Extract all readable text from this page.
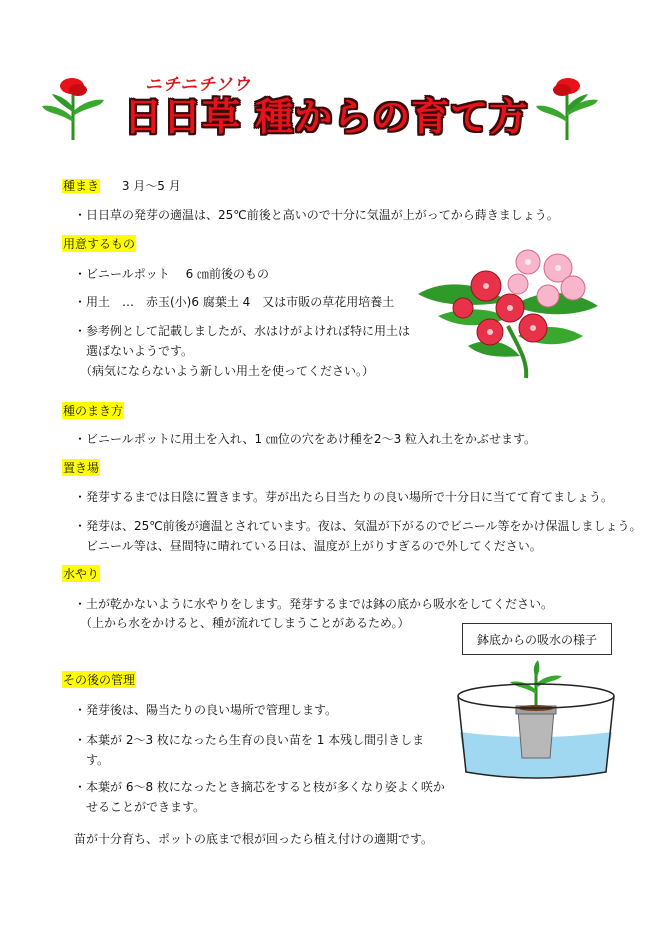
ニチニチソウ
日日草 種からの育て方
種まき 3 月～5 月
・日日草の発芽の適温は、25℃前後と高いので十分に気温が上がってから蒔きましょう。
用意するもの
・ビニールポット　 6 ㎝前後のもの
・用土　…　赤玉(小)6 腐葉土 4　又は市販の草花用培養土
・参考例として記載しましたが、水はけがよければ特に用土は
選ばないようです。
（病気にならないよう新しい用土を使ってください。）
種のまき方
・ビニールポットに用土を入れ、1 ㎝位の穴をあけ種を2～3 粒入れ土をかぶせます。
置き場
・発芽するまでは日陰に置きます。芽が出たら日当たりの良い場所で十分日に当てて育てましょう。
・発芽は、25℃前後が適温とされています。夜は、気温が下がるのでビニール等をかけ保温しましょう。
ビニール等は、昼間特に晴れている日は、温度が上がりすぎるので外してください。
水やり
・土が乾かないように水やりをします。発芽するまでは鉢の底から吸水をしてください。
（上から水をかけると、種が流れてしまうことがあるため。）
鉢底からの吸水の様子
その後の管理
・発芽後は、陽当たりの良い場所で管理します。
・本葉が 2～3 枚になったら生育の良い苗を 1 本残し間引きしま
す。
・本葉が 6～8 枚になったとき摘芯をすると枝が多くなり姿よく咲か
せることができます。
苗が十分育ち、ポットの底まで根が回ったら植え付けの適期です。
